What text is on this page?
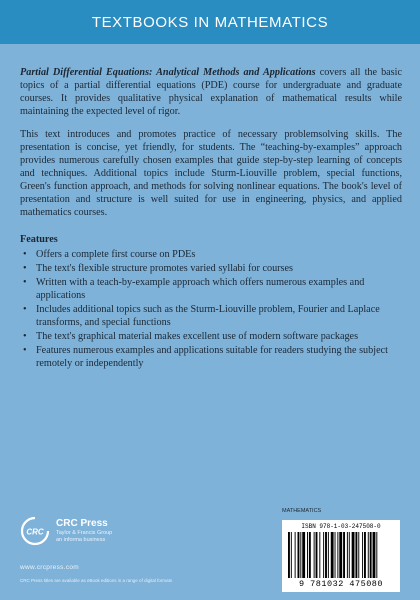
TEXTBOOKS IN MATHEMATICS

Partial Differential Equations: Analytical Methods and Applications covers all the basic topics of a partial differential equations (PDE) course for undergraduate and graduate courses. It provides qualitative physical explanation of mathematical results while maintaining the expected level of rigor.

This text introduces and promotes practice of necessary problemsolving skills. The presentation is concise, yet friendly, for students. The “teaching-by-examples” approach provides numerous carefully chosen examples that guide step-by-step learning of concepts and techniques. Additional topics include Sturm-Liouville problem, special functions, Green's function approach, and methods for solving nonlinear equations. The book's level of presentation and structure is well suited for use in engineering, physics, and applied mathematics courses.

Features
• Offers a complete first course on PDEs
• The text's flexible structure promotes varied syllabi for courses
• Written with a teach-by-example approach which offers numerous examples and applications
• Includes additional topics such as the Sturm-Liouville problem, Fourier and Laplace transforms, and special functions
• The text's graphical material makes excellent use of modern software packages
• Features numerous examples and applications suitable for readers studying the subject remotely or independently
CRC
CRC Press
Taylor & Francis Group
an informa business
www.crcpress.com
CRC Press titles are available as eBook editions in a range of digital formats
MATHEMATICS
ISBN 978-1-03-247508-0
9 781032 475080
